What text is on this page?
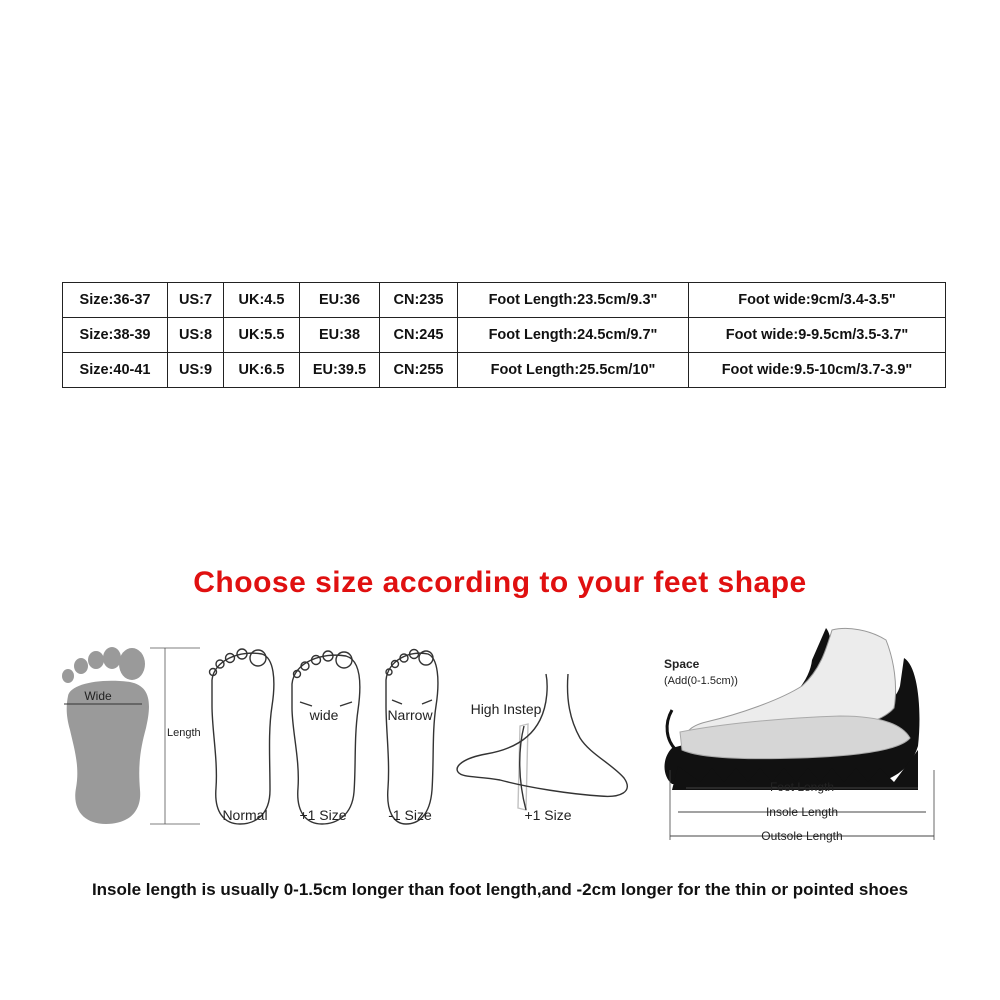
Size:36-37	US:7	UK:4.5	EU:36	CN:235	Foot Length:23.5cm/9.3"	Foot wide:9cm/3.4-3.5"
Size:38-39	US:8	UK:5.5	EU:38	CN:245	Foot Length:24.5cm/9.7"	Foot wide:9-9.5cm/3.5-3.7"
Size:40-41	US:9	UK:6.5	EU:39.5	CN:255	Foot Length:25.5cm/10"	Foot wide:9.5-10cm/3.7-3.9"
Choose size according to your feet shape
Wide
Length
wide	Narrow	High Instep
Normal +1 Size	-1 Size	+1 Size
Space
(Add(0-1.5cm))
Foot Length
Insole Length
Outsole Length

Insole length is usually 0-1.5cm longer than foot length,and -2cm longer for the thin or pointed shoes
